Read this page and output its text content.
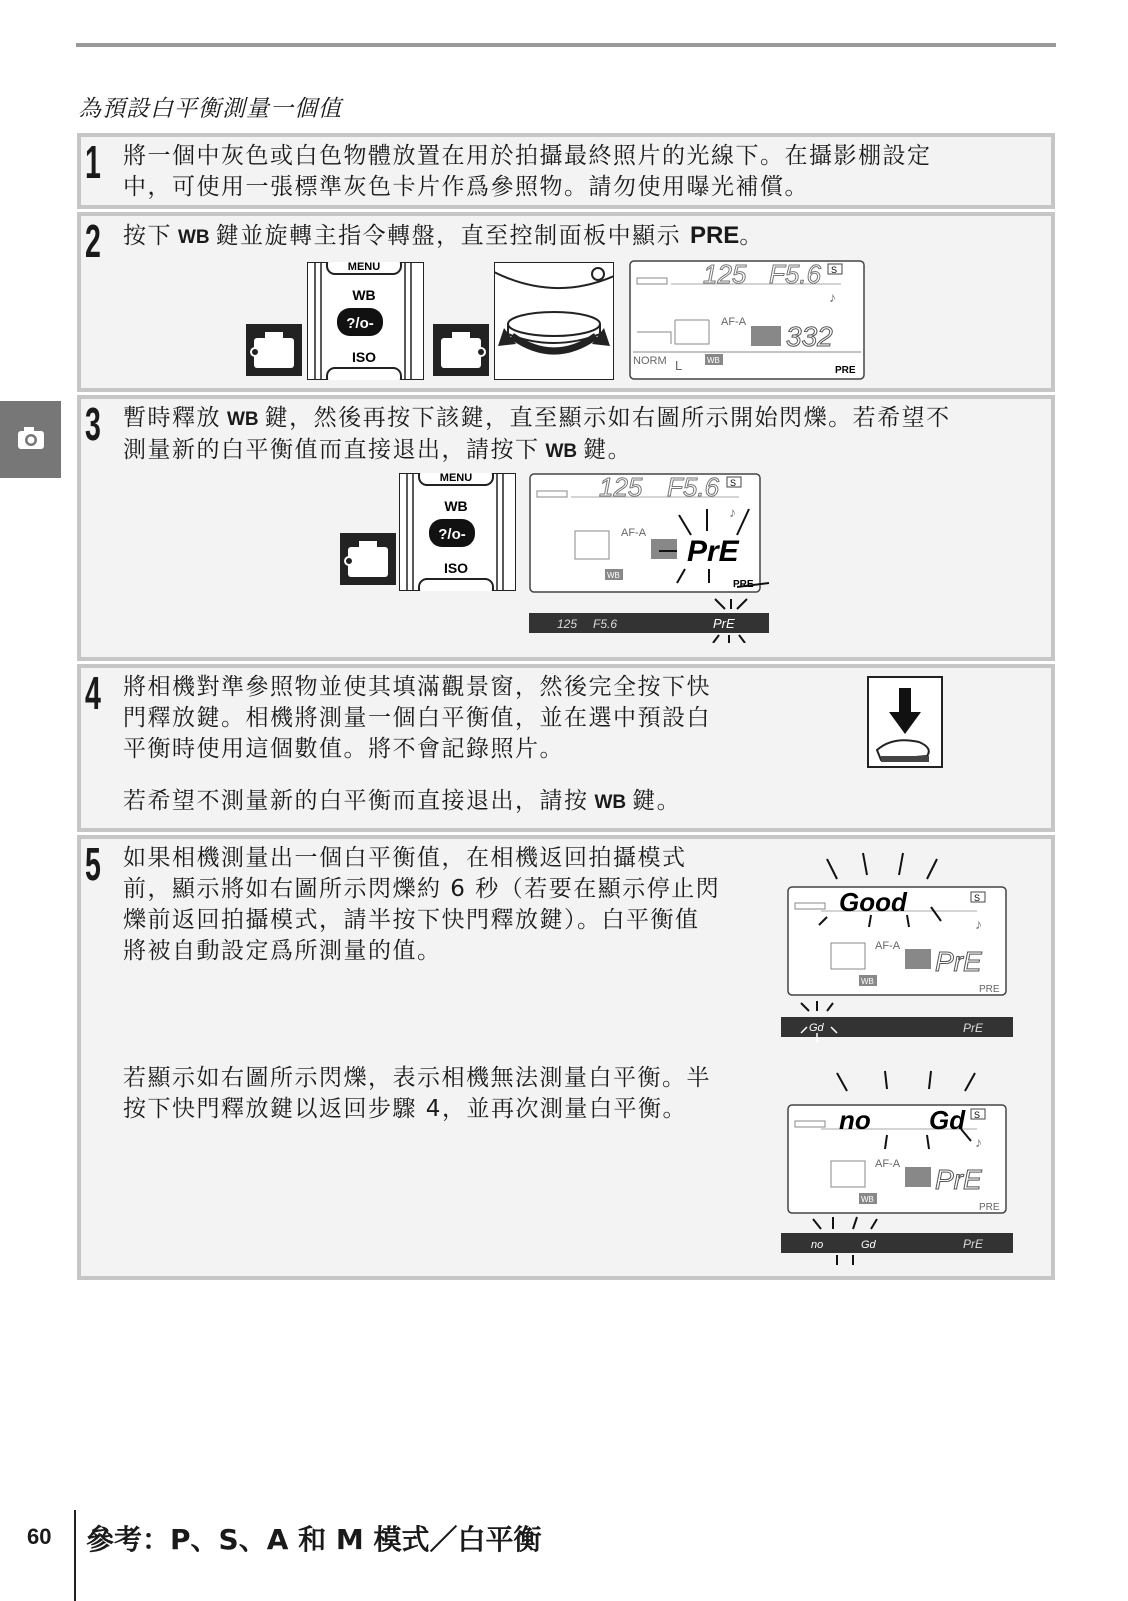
為預設白平衡測量一個值
1 將一個中灰色或白色物體放置在用於拍攝最終照片的光線下。在攝影棚設定
中，可使用一張標準灰色卡片作爲參照物。請勿使用曝光補償。
2 按下 WB 鍵並旋轉主指令轉盤，直至控制面板中顯示 PRE。
MENU
WB
?/o-
ISO
125 F5.6 S
♪
AF-A 332
NORM L	WB
PRE
3 暫時釋放 WB 鍵，然後再按下該鍵，直至顯示如右圖所示開始閃爍。若希望不
測量新的白平衡值而直接退出，請按下 WB 鍵。
MENU
WB
?/o-
ISO
125 F5.6 S
♪
AF-A
PrE
WB
PRE
125 F5.6	PrE
4 將相機對準參照物並使其填滿觀景窗，然後完全按下快
門釋放鍵。相機將測量一個白平衡值，並在選中預設白
平衡時使用這個數值。將不會記錄照片。
若希望不測量新的白平衡而直接退出，請按 WB 鍵。
5 如果相機測量出一個白平衡值，在相機返回拍攝模式
前，顯示將如右圖所示閃爍約 6 秒（若要在顯示停止閃
爍前返回拍攝模式，請半按下快門釋放鍵）。白平衡值
將被自動設定爲所測量的值。
若顯示如右圖所示閃爍，表示相機無法測量白平衡。半
按下快門釋放鍵以返回步驟 4，並再次測量白平衡。
Good	S
♪
AF-A PrE
WB
PRE
Gd	PrE
no Gd S
♪
AF-A PrE
WB
PRE
no	Gd	PrE
60 參考：P、S、A 和 M 模式／白平衡
